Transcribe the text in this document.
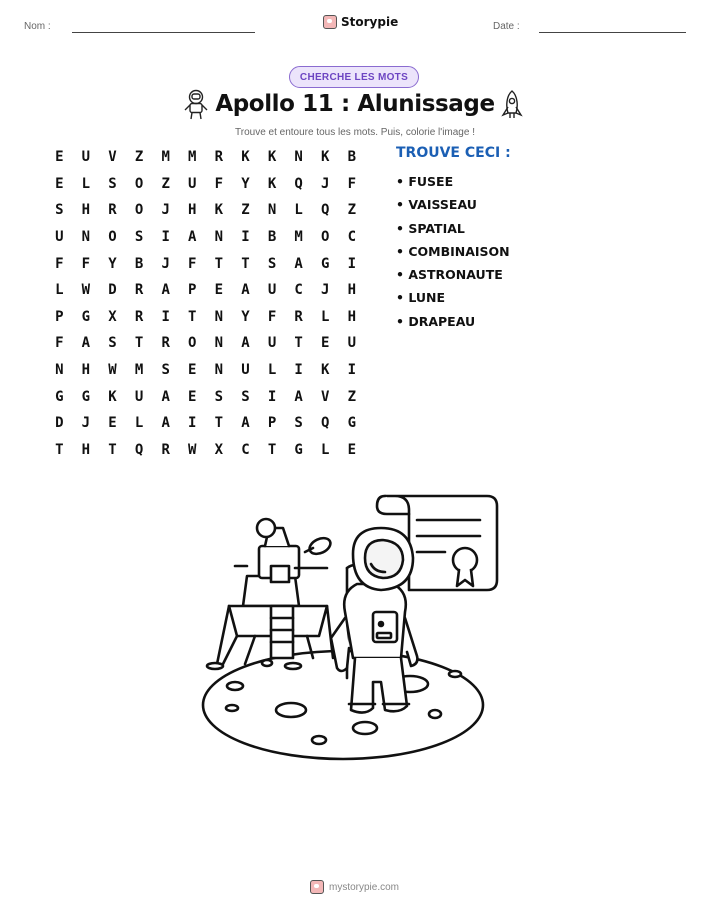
Nom :	Storypie	Date :
CHERCHE LES MOTS
Apollo 11 : Alunissage
Trouve et entoure tous les mots. Puis, colorie l'image !
E	U	V	Z	M	M	R	K	K	N	K	B
E	L	S	O	Z	U	F	Y	K	Q	J	F
S	H	R	O	J	H	K	Z	N	L	Q	Z
U	N	O	S	I	A	N	I	B	M	O	C
F	F	Y	B	J	F	T	T	S	A	G	I
L	W	D	R	A	P	E	A	U	C	J	H
P	G	X	R	I	T	N	Y	F	R	L	H
F	A	S	T	R	O	N	A	U	T	E	U
N	H	W	M	S	E	N	U	L	I	K	I
G	G	K	U	A	E	S	S	I	A	V	Z
D	J	E	L	A	I	T	A	P	S	Q	G
T	H	T	Q	R	W	X	C	T	G	L	E
TROUVE CECI :
• FUSEE
• VAISSEAU
• SPATIAL
• COMBINAISON
• ASTRONAUTE
• LUNE
• DRAPEAU
mystorypie.com
